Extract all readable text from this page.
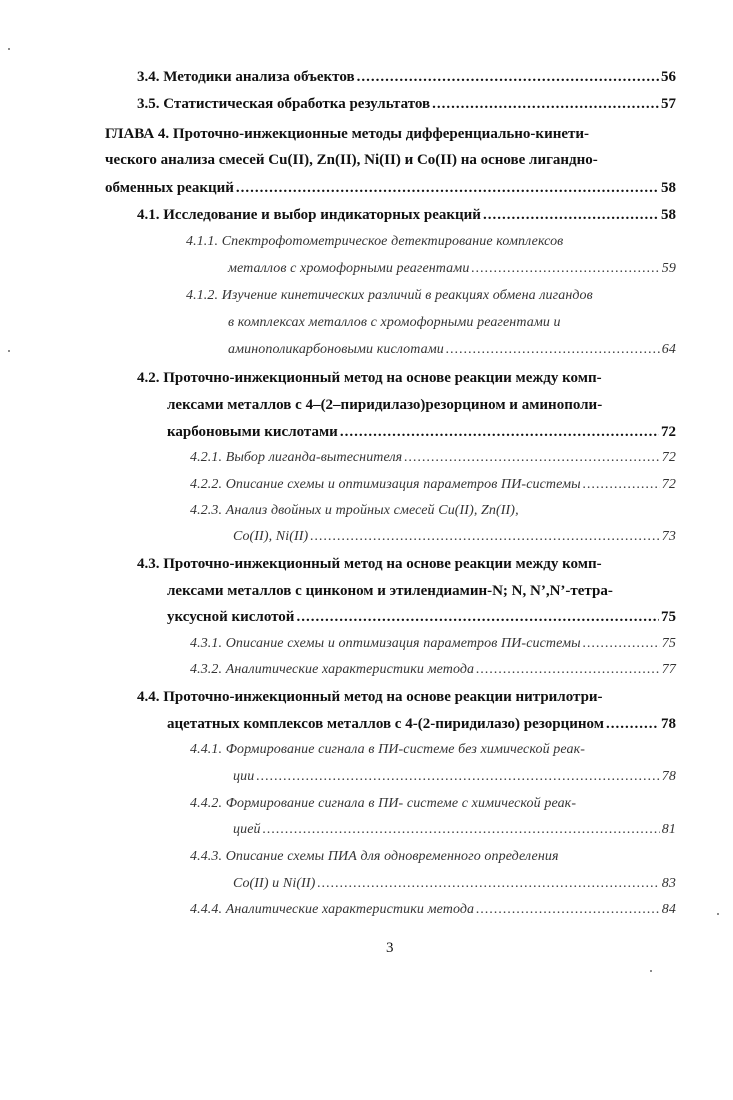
3.4. Методики анализа объектов .....	56
3.5. Статистическая обработка результатов .....	57
ГЛАВА 4. Проточно-инжекционные методы дифференциально-кинети-
ческого анализа смесей Cu(II), Zn(II), Ni(II) и Co(II) на основе лигандно-
обменных реакций .....	58
4.1. Исследование и выбор индикаторных реакций .....	58
4.1.1. Спектрофотометрическое детектирование комплексов
металлов с хромофорными реагентами .....	59
4.1.2. Изучение кинетических различий в реакциях обмена лигандов
в комплексах металлов с хромофорными реагентами и
аминополикарбоновыми кислотами .....	64
4.2. Проточно-инжекционный метод на основе реакции между комп-
лексами металлов с 4–(2–пиридилазо)резорцином и аминополи-
карбоновыми кислотами .....	72
4.2.1. Выбор лиганда-вытеснителя .....	72
4.2.2. Описание схемы и оптимизация параметров ПИ-системы .....	72
4.2.3. Анализ двойных и тройных смесей Cu(II), Zn(II),
Co(II), Ni(II) .....	73
4.3. Проточно-инжекционный метод на основе реакции между комп-
лексами металлов с цинконом и этилендиамин-N; N, N’,N’-тетра-
уксусной кислотой .....	75
4.3.1. Описание схемы и оптимизация параметров ПИ-системы .....	75
4.3.2. Аналитические характеристики метода .....	77
4.4. Проточно-инжекционный метод на основе реакции нитрилотри-
ацетатных комплексов металлов с 4-(2-пиридилазо) резорцином .....	78
4.4.1. Формирование сигнала в ПИ-системе без химической реак-
ции .....	78
4.4.2. Формирование сигнала в ПИ- системе с химической реак-
цией .....	81
4.4.3. Описание схемы ПИА для одновременного определения
Co(II) и Ni(II) .....	83
4.4.4. Аналитические характеристики метода .....	84
3
